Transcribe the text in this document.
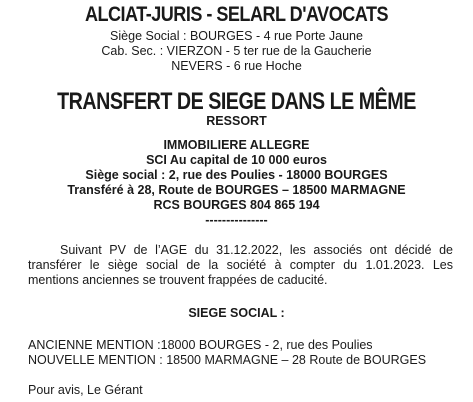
ALCIAT-JURIS - SELARL D'AVOCATS

Siège Social : BOURGES - 4 rue Porte Jaune

Cab. Sec. : VIERZON - 5 ter rue de la Gaucherie

NEVERS - 6 rue Hoche

TRANSFERT DE SIEGE DANS LE MÊME

RESSORT

IMMOBILIERE ALLEGRE

SCI Au capital de 10 000 euros

Siège social : 2, rue des Poulies - 18000 BOURGES

Transféré à 28, Route de BOURGES – 18500 MARMAGNE

RCS BOURGES 804 865 194

---------------

Suivant PV de l’AGE du 31.12.2022, les associés ont décidé de transférer le siège social de la société à compter du 1.01.2023. Les mentions anciennes se trouvent frappées de caducité.

SIEGE SOCIAL :

ANCIENNE MENTION :18000 BOURGES - 2, rue des Poulies

NOUVELLE MENTION : 18500 MARMAGNE – 28 Route de BOURGES

Pour avis, Le Gérant
